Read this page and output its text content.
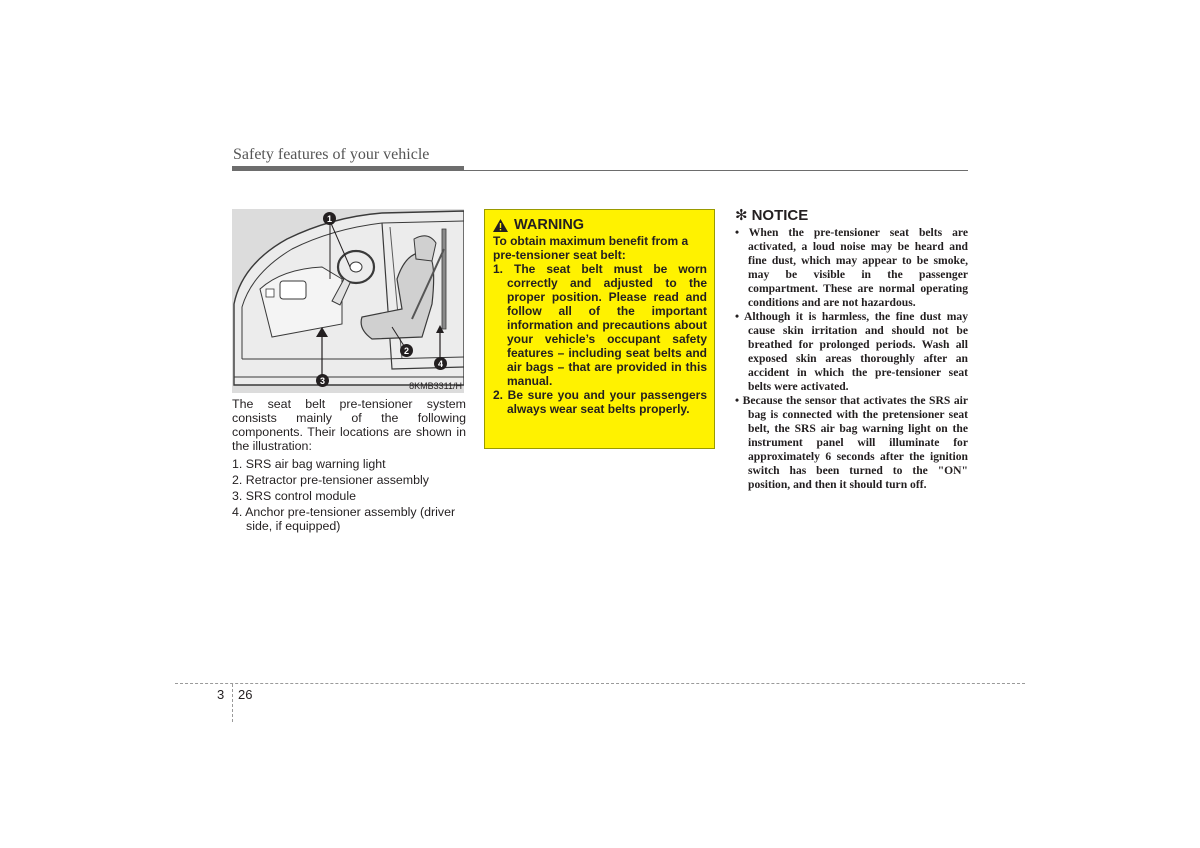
Safety features of your vehicle
1
2
3
4
8KMB3311/H

The seat belt pre-tensioner system consists mainly of the following components. Their locations are shown in the illustration:

1. SRS air bag warning light
2. Retractor pre-tensioner assembly
3. SRS control module
4. Anchor pre-tensioner assembly (driver side, if equipped)
WARNING

To obtain maximum benefit from a pre-tensioner seat belt:

1. The seat belt must be worn correctly and adjusted to the proper position. Please read and follow all of the important information and precautions about your vehicle’s occupant safety features – including seat belts and air bags – that are provided in this manual.
2. Be sure you and your passengers always wear seat belts properly.
✻ NOTICE
• When the pre-tensioner seat belts are activated, a loud noise may be heard and fine dust, which may appear to be smoke, may be visible in the passenger compartment. These are normal operating conditions and are not hazardous.
• Although it is harmless, the fine dust may cause skin irritation and should not be breathed for prolonged periods. Wash all exposed skin areas thoroughly after an accident in which the pre-tensioner seat belts were activated.
• Because the sensor that activates the SRS air bag is connected with the pretensioner seat belt, the SRS air bag warning light on the instrument panel will illuminate for approximately 6 seconds after the ignition switch has been turned to the "ON" position, and then it should turn off.
3 26
